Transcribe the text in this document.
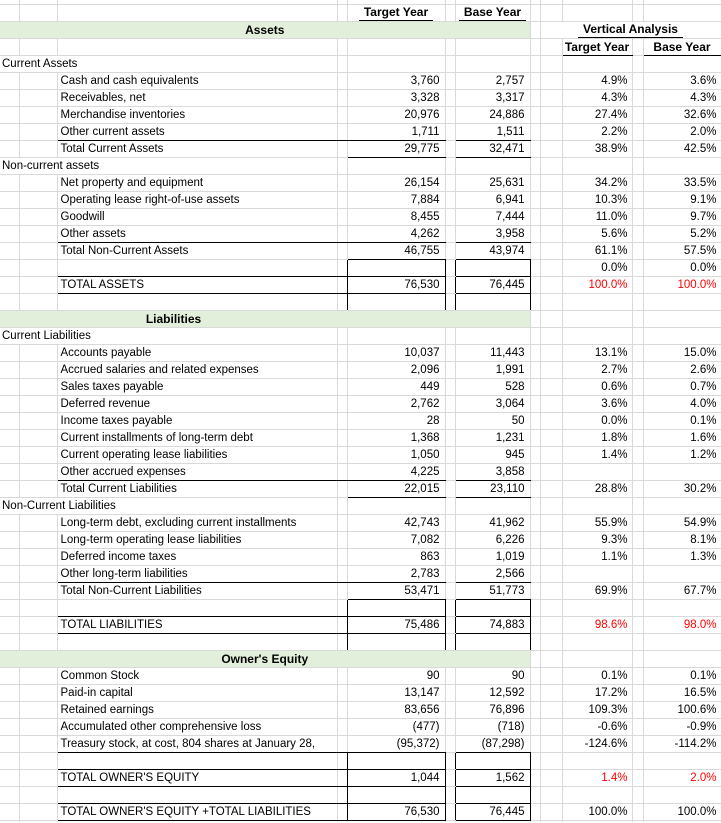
				Target Year		Base Year					
Assets								Vertical Analysis			
									Target Year		Base Year
Current Assets											
		Cash and cash equivalents		3,760		2,757			4.9%		3.6%
		Receivables, net		3,328		3,317			4.3%		4.3%
		Merchandise inventories		20,976		24,886			27.4%		32.6%
		Other current assets		1,711		1,511			2.2%		2.0%
		Total Current Assets		29,775		32,471			38.9%		42.5%
Non-current assets											
		Net property and equipment		26,154		25,631			34.2%		33.5%
		Operating lease right-of-use assets		7,884		6,941			10.3%		9.1%
		Goodwill		8,455		7,444			11.0%		9.7%
		Other assets		4,262		3,958			5.6%		5.2%
		Total Non-Current Assets		46,755		43,974			61.1%		57.5%
									0.0%		0.0%
		TOTAL ASSETS		76,530		76,445			100.0%		100.0%

Liabilities											

Current Liabilities											
		Accounts payable		10,037		11,443			13.1%		15.0%
		Accrued salaries and related expenses		2,096		1,991			2.7%		2.6%
		Sales taxes payable		449		528			0.6%		0.7%
		Deferred revenue		2,762		3,064			3.6%		4.0%
		Income taxes payable		28		50			0.0%		0.1%
		Current installments of long-term debt		1,368		1,231			1.8%		1.6%
		Current operating lease liabilities		1,050		945			1.4%		1.2%
		Other accrued expenses		4,225		3,858					
		Total Current Liabilities		22,015		23,110			28.8%		30.2%
Non-Current Liabilities											
		Long-term debt, excluding current installments		42,743		41,962			55.9%		54.9%
		Long-term operating lease liabilities		7,082		6,226			9.3%		8.1%
		Deferred income taxes		863		1,019			1.1%		1.3%
		Other long-term liabilities		2,783		2,566					
		Total Non-Current Liabilities		53,471		51,773			69.9%		67.7%

		TOTAL LIABILITIES		75,486		74,883			98.6%		98.0%

Owner's Equity											
		Common Stock		90		90			0.1%		0.1%
		Paid-in capital		13,147		12,592			17.2%		16.5%
		Retained earnings		83,656		76,896			109.3%		100.6%
		Accumulated other comprehensive loss		(477)		(718)			-0.6%		-0.9%
		Treasury stock, at cost, 804 shares at January 28,		(95,372)		(87,298)			-124.6%		-114.2%

		TOTAL OWNER'S EQUITY		1,044		1,562			1.4%		2.0%

		TOTAL OWNER'S EQUITY +TOTAL LIABILITIES		76,530		76,445			100.0%		100.0%
